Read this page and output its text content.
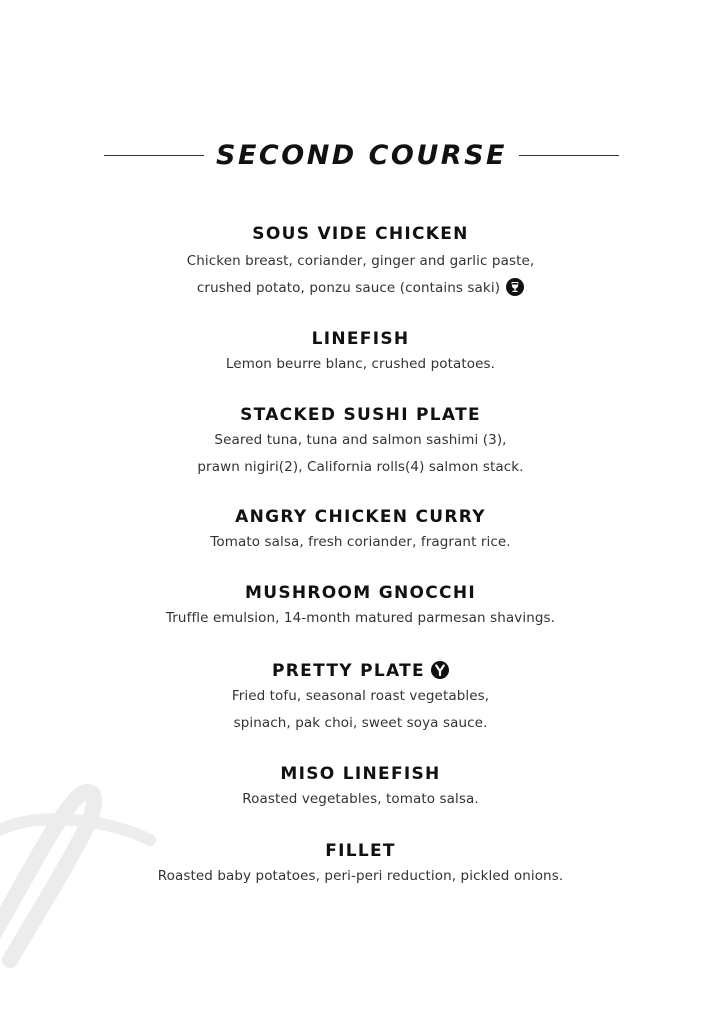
SECOND COURSE
SOUS VIDE CHICKEN
Chicken breast, coriander, ginger and garlic paste,
crushed potato, ponzu sauce (contains saki)
LINEFISH
Lemon beurre blanc, crushed potatoes.
STACKED SUSHI PLATE
Seared tuna, tuna and salmon sashimi (3),
prawn nigiri(2), California rolls(4) salmon stack.
ANGRY CHICKEN CURRY
Tomato salsa, fresh coriander, fragrant rice.
MUSHROOM GNOCCHI
Truffle emulsion, 14-month matured parmesan shavings.
PRETTY PLATE
Fried tofu, seasonal roast vegetables,
spinach, pak choi, sweet soya sauce.
MISO LINEFISH
Roasted vegetables, tomato salsa.
FILLET
Roasted baby potatoes, peri-peri reduction, pickled onions.
